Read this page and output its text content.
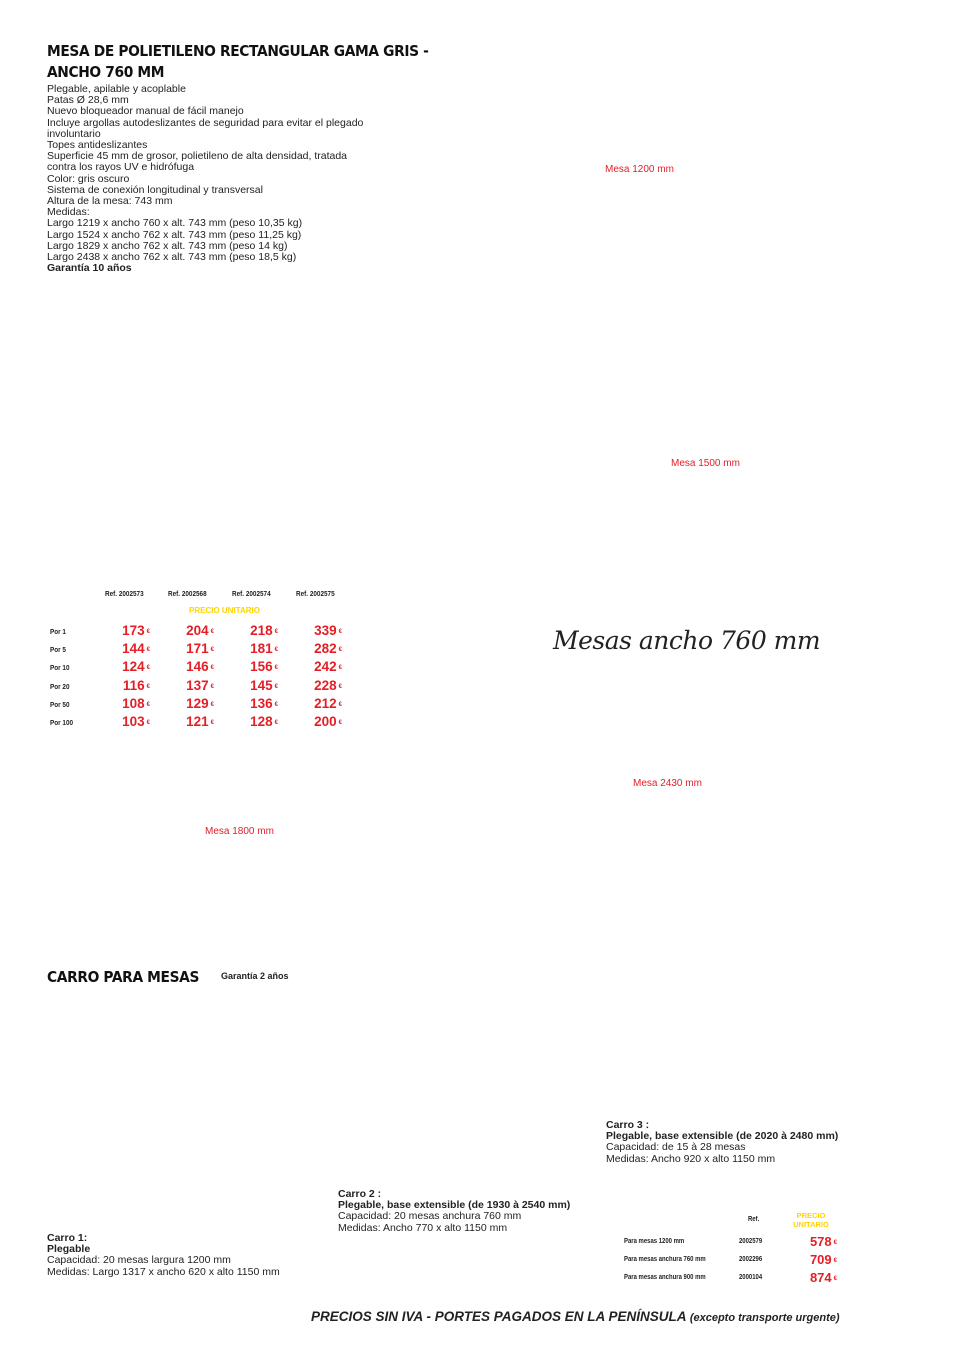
MESA DE POLIETILENO RECTANGULAR GAMA GRIS -
ANCHO 760 MM
Plegable, apilable y acoplable
Patas Ø 28,6 mm
Nuevo bloqueador manual de fácil manejo
Incluye argollas autodeslizantes de seguridad para evitar el plegado
involuntario
Topes antideslizantes
Superficie 45 mm de grosor, polietileno de alta densidad, tratada
contra los rayos UV e hidrófuga
Color: gris oscuro
Sistema de conexión longitudinal y transversal
Altura de la mesa: 743 mm
Medidas:
Largo 1219 x ancho 760 x alt. 743 mm (peso 10,35 kg)
Largo 1524 x ancho 762 x alt. 743 mm (peso 11,25 kg)
Largo 1829 x ancho 762 x alt. 743 mm (peso 14 kg)
Largo 2438 x ancho 762 x alt. 743 mm (peso 18,5 kg)
Garantía 10 años
Mesa 1200 mm
Mesa 1500 mm
Mesa 2430 mm
Mesa 1800 mm
Mesas ancho 760 mm
Ref. 2002573	Ref. 2002568	Ref. 2002574	Ref. 2002575
PRECIO UNITARIO
Por 1	173 €	204 €	218 €	339 €
Por 5	144 €	171 €	181 €	282 €
Por 10	124 €	146 €	156 €	242 €
Por 20	116 €	137 €	145 €	228 €
Por 50	108 €	129 €	136 €	212 €
Por 100	103 €	121 €	128 €	200 €
CARRO PARA MESAS Garantía 2 años
Carro 1:
Plegable
Capacidad: 20 mesas largura 1200 mm
Medidas: Largo 1317 x ancho 620 x alto 1150 mm
Carro 2 :
Plegable, base extensible (de 1930 à 2540 mm)
Capacidad: 20 mesas anchura 760 mm
Medidas: Ancho 770 x alto 1150 mm
Carro 3 :
Plegable, base extensible (de 2020 à 2480 mm)
Capacidad: de 15 à 28 mesas
Medidas: Ancho 920 x alto 1150 mm
Ref.	PRECIO
UNITARIO
Para mesas 1200 mm	2002579	578 €
Para mesas anchura 760 mm	2002296	709 €
Para mesas anchura 900 mm	2000104	874 €
PRECIOS SIN IVA - PORTES PAGADOS EN LA PENÍNSULA (excepto transporte urgente)
